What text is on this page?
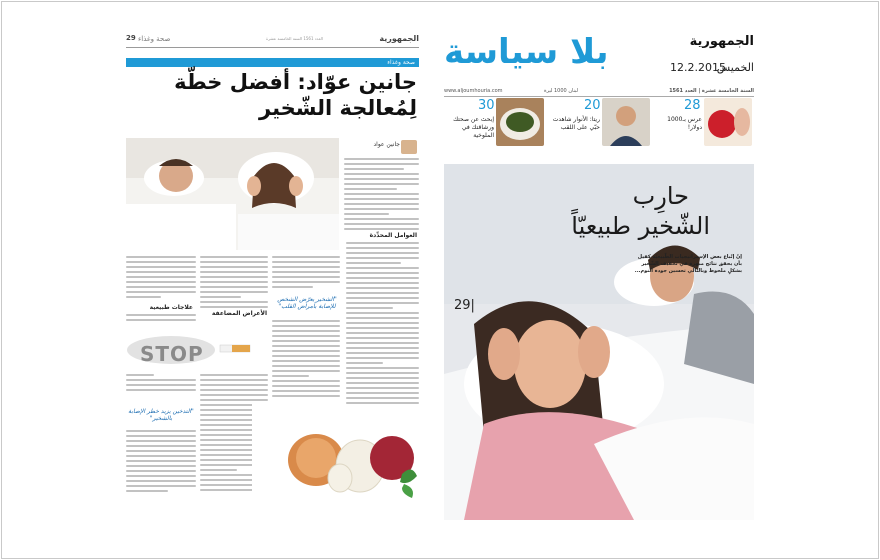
29 صحة وغذاء	العدد 1561 السنة الخامسة عشرة	الجمهورية
صحة وغذاء
جانين عوّاد: أفضل خطّة
لِمُعالجة الشّخير
جانين عواد
العوامل المحدِّدة
"الشخير يعرّض الشخص للإصابة بأمراض القلب"
الأعراض المضاعفة
علاجات طبيعية
STOP
"التدخين يزيد خطر الإصابة بالشخير"
بلا سياسة	الجمهورية
12.2.2015
الخميس
السنة الخامسة عشرة | العدد 1561
لبنان 1000 ليرة
www.aljoumhouria.com
28
عرس بـ1000 دولار!
20
ريتا: الأنوار شاهدت حبّي على اللقب
30
إبحث عن صحتك ورشاقتك في الملوخية
حارِب
الشّخير طبيعيّاً
إنّ إتّباع بعض الإستراتيجيات الطّبيعيّة كفيل بأن يحقق نتائج مبهرة في تخفيف الشّخير بشكلٍ ملحوظ وبالتالي تحسين جودة النوم...
29|
